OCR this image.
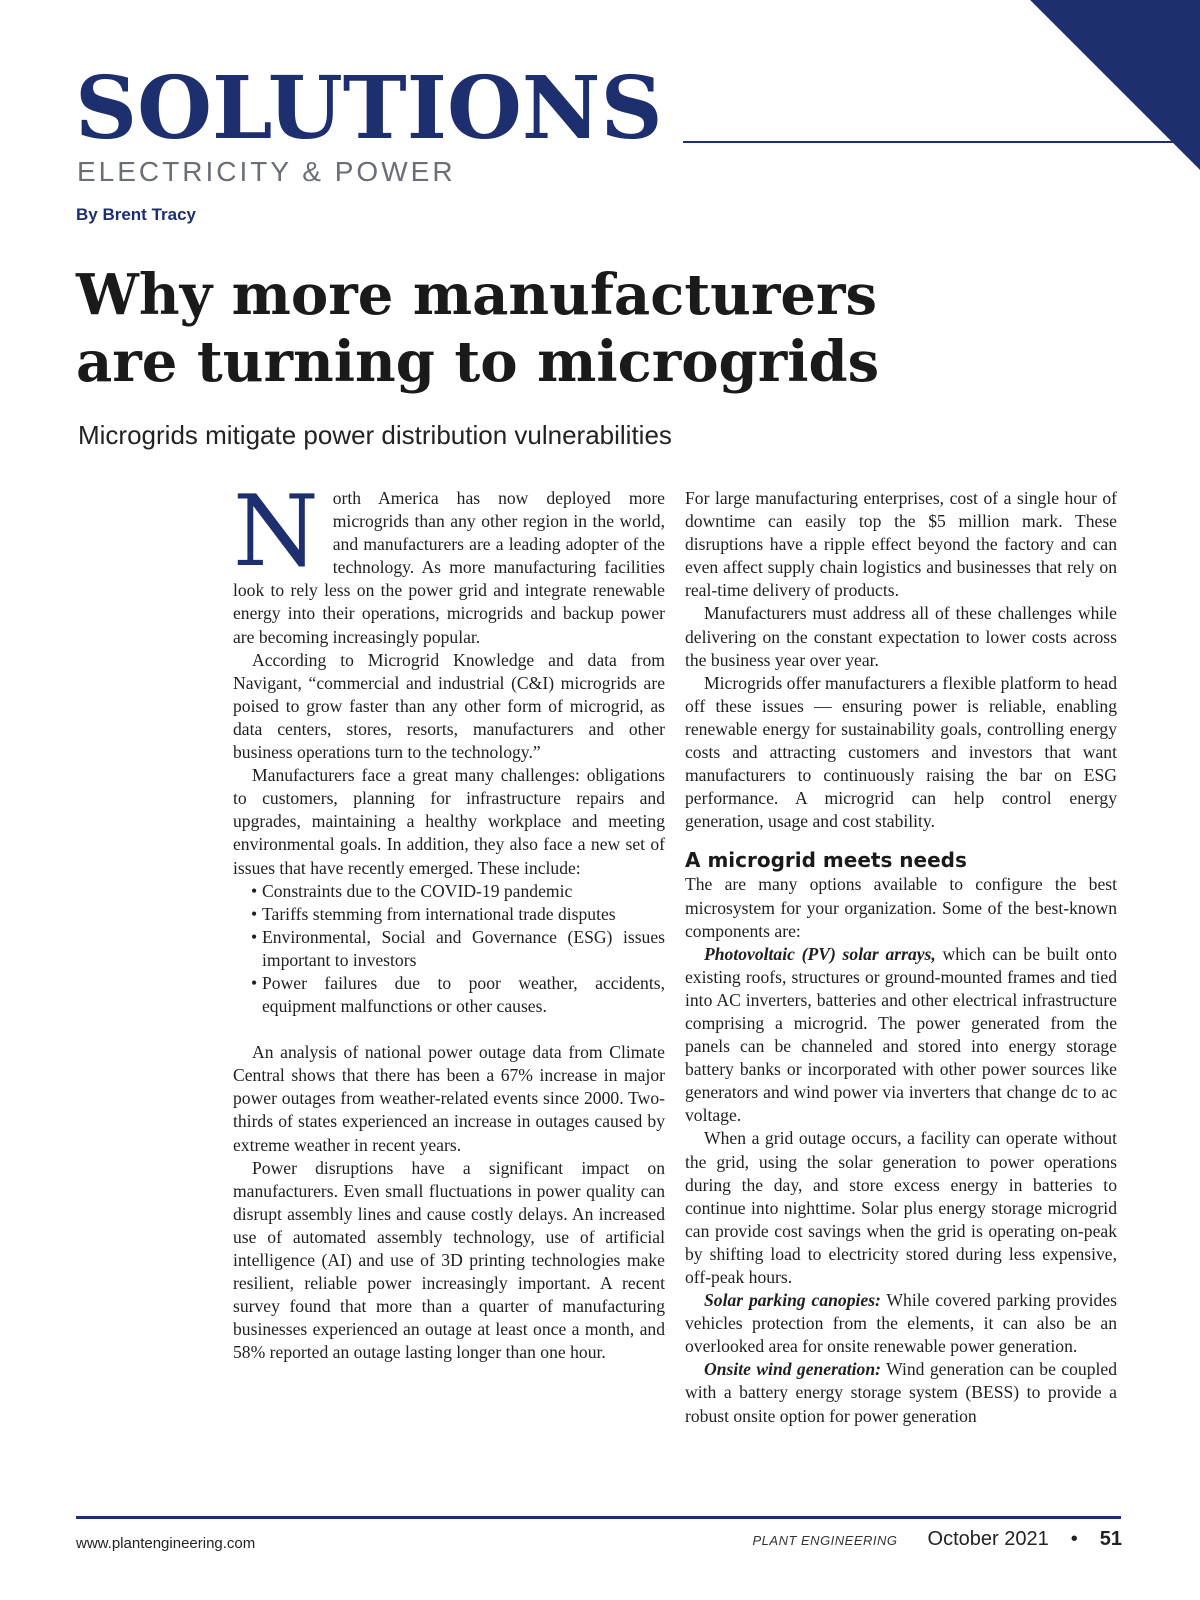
SOLUTIONS

ELECTRICITY & POWER

By Brent Tracy

Why more manufacturers
are turning to microgrids

Microgrids mitigate power distribution vulnerabilities

N orth America has now deployed more microgrids than any other region in the world, and manufacturers are a leading adopter of the technology. As more manufacturing facilities look to rely less on the power grid and integrate renewable energy into their operations, microgrids and backup power are becoming increasingly popular.

According to Microgrid Knowledge and data from Navigant, “commercial and industrial (C&I) microgrids are poised to grow faster than any other form of microgrid, as data centers, stores, resorts, manufacturers and other business operations turn to the technology.”

Manufacturers face a great many challenges: obligations to customers, planning for infrastructure repairs and upgrades, maintaining a healthy workplace and meeting environmental goals. In addition, they also face a new set of issues that have recently emerged. These include:

• Constraints due to the COVID-19 pandemic
• Tariffs stemming from international trade disputes
• Environmental, Social and Governance (ESG) issues important to investors
• Power failures due to poor weather, accidents, equipment malfunctions or other causes.

An analysis of national power outage data from Climate Central shows that there has been a 67% increase in major power outages from weather-related events since 2000. Two-thirds of states experienced an increase in outages caused by extreme weather in recent years.

Power disruptions have a significant impact on manufacturers. Even small fluctuations in power quality can disrupt assembly lines and cause costly delays. An increased use of automated assembly technology, use of artificial intelligence (AI) and use of 3D printing technologies make resilient, reliable power increasingly important. A recent survey found that more than a quarter of manufacturing businesses experienced an outage at least once a month, and 58% reported an outage lasting longer than one hour.

For large manufacturing enterprises, cost of a single hour of downtime can easily top the $5 million mark. These disruptions have a ripple effect beyond the factory and can even affect supply chain logistics and businesses that rely on real-time delivery of products.

Manufacturers must address all of these challenges while delivering on the constant expectation to lower costs across the business year over year.

Microgrids offer manufacturers a flexible platform to head off these issues — ensuring power is reliable, enabling renewable energy for sustainability goals, controlling energy costs and attracting customers and investors that want manufacturers to continuously raising the bar on ESG performance. A microgrid can help control energy generation, usage and cost stability.

A microgrid meets needs

The are many options available to configure the best microsystem for your organization. Some of the best-known components are:

Photovoltaic (PV) solar arrays, which can be built onto existing roofs, structures or ground-mounted frames and tied into AC inverters, batteries and other electrical infrastructure comprising a microgrid. The power generated from the panels can be channeled and stored into energy storage battery banks or incorporated with other power sources like generators and wind power via inverters that change dc to ac voltage.

When a grid outage occurs, a facility can operate without the grid, using the solar generation to power operations during the day, and store excess energy in batteries to continue into nighttime. Solar plus energy storage microgrid can provide cost savings when the grid is operating on-peak by shifting load to electricity stored during less expensive, off-peak hours.

Solar parking canopies: While covered parking provides vehicles protection from the elements, it can also be an overlooked area for onsite renewable power generation.

Onsite wind generation: Wind generation can be coupled with a battery energy storage system (BESS) to provide a robust onsite option for power generation

www.plantengineering.com	PLANT ENGINEERING October 2021 • 51
